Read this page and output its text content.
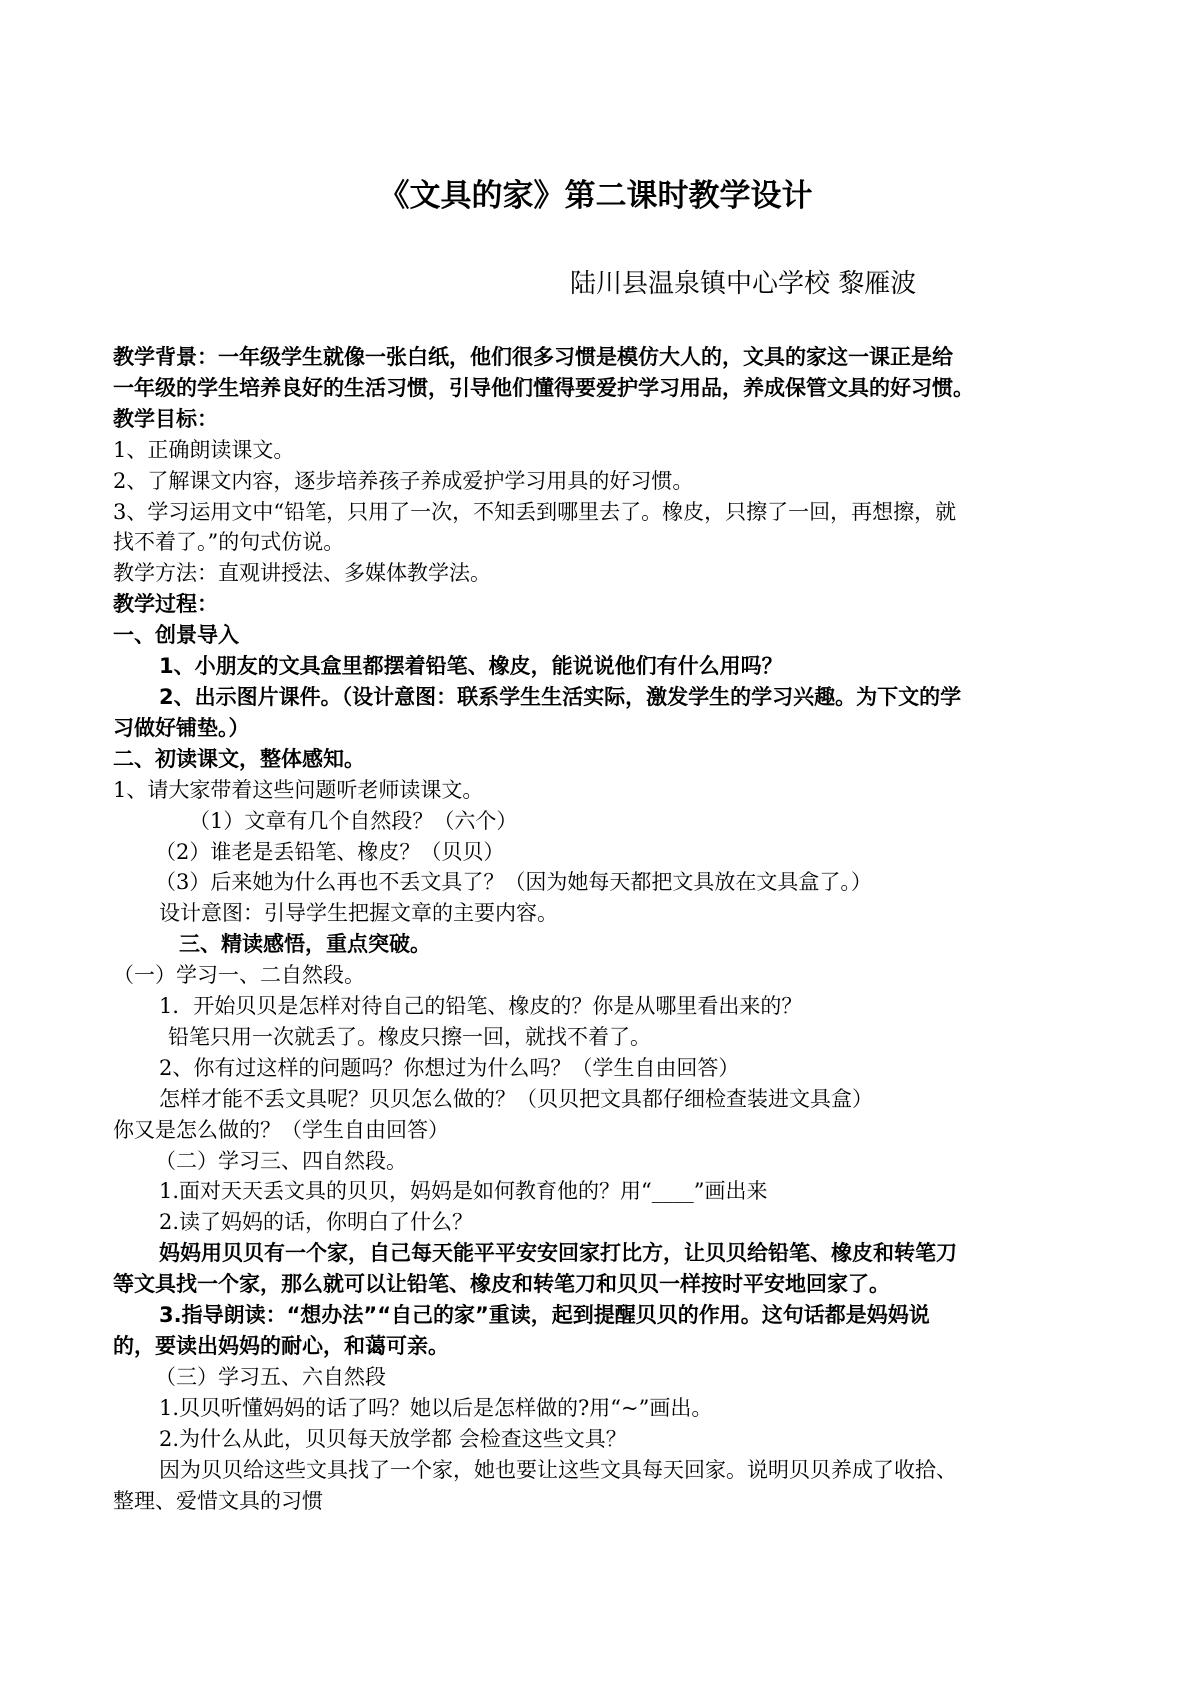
《文具的家》第二课时教学设计
陆川县温泉镇中心学校 黎雁波
教学背景：一年级学生就像一张白纸，他们很多习惯是模仿大人的，文具的家这一课正是给
一年级的学生培养良好的生活习惯，引导他们懂得要爱护学习用品，养成保管文具的好习惯。
教学目标：
1、正确朗读课文。
2、了解课文内容，逐步培养孩子养成爱护学习用具的好习惯。
3、学习运用文中“铅笔，只用了一次，不知丢到哪里去了。橡皮，只擦了一回，再想擦，就
找不着了。”的句式仿说。
教学方法：直观讲授法、多媒体教学法。
教学过程：
一、创景导入
1、小朋友的文具盒里都摆着铅笔、橡皮，能说说他们有什么用吗？
2、出示图片课件。（设计意图：联系学生生活实际，激发学生的学习兴趣。为下文的学
习做好铺垫。）
二、初读课文，整体感知。
1、请大家带着这些问题听老师读课文。
（1）文章有几个自然段？（六个）
（2）谁老是丢铅笔、橡皮？（贝贝）
（3）后来她为什么再也不丢文具了？（因为她每天都把文具放在文具盒了。）
设计意图：引导学生把握文章的主要内容。
三、精读感悟，重点突破。
（一）学习一、二自然段。
1．开始贝贝是怎样对待自己的铅笔、橡皮的？你是从哪里看出来的？
铅笔只用一次就丢了。橡皮只擦一回，就找不着了。
2、你有过这样的问题吗？你想过为什么吗？（学生自由回答）
怎样才能不丢文具呢？贝贝怎么做的？（贝贝把文具都仔细检查装进文具盒）
你又是怎么做的？（学生自由回答）
（二）学习三、四自然段。
1.面对天天丢文具的贝贝，妈妈是如何教育他的？用“____”画出来
2.读了妈妈的话，你明白了什么？
妈妈用贝贝有一个家，自己每天能平平安安回家打比方，让贝贝给铅笔、橡皮和转笔刀
等文具找一个家，那么就可以让铅笔、橡皮和转笔刀和贝贝一样按时平安地回家了。
3.指导朗读：“想办法”“自己的家”重读，起到提醒贝贝的作用。这句话都是妈妈说
的，要读出妈妈的耐心，和蔼可亲。
（三）学习五、六自然段
1.贝贝听懂妈妈的话了吗？她以后是怎样做的?用“~”画出。
2.为什么从此，贝贝每天放学都 会检查这些文具？
因为贝贝给这些文具找了一个家，她也要让这些文具每天回家。说明贝贝养成了收拾、
整理、爱惜文具的习惯
